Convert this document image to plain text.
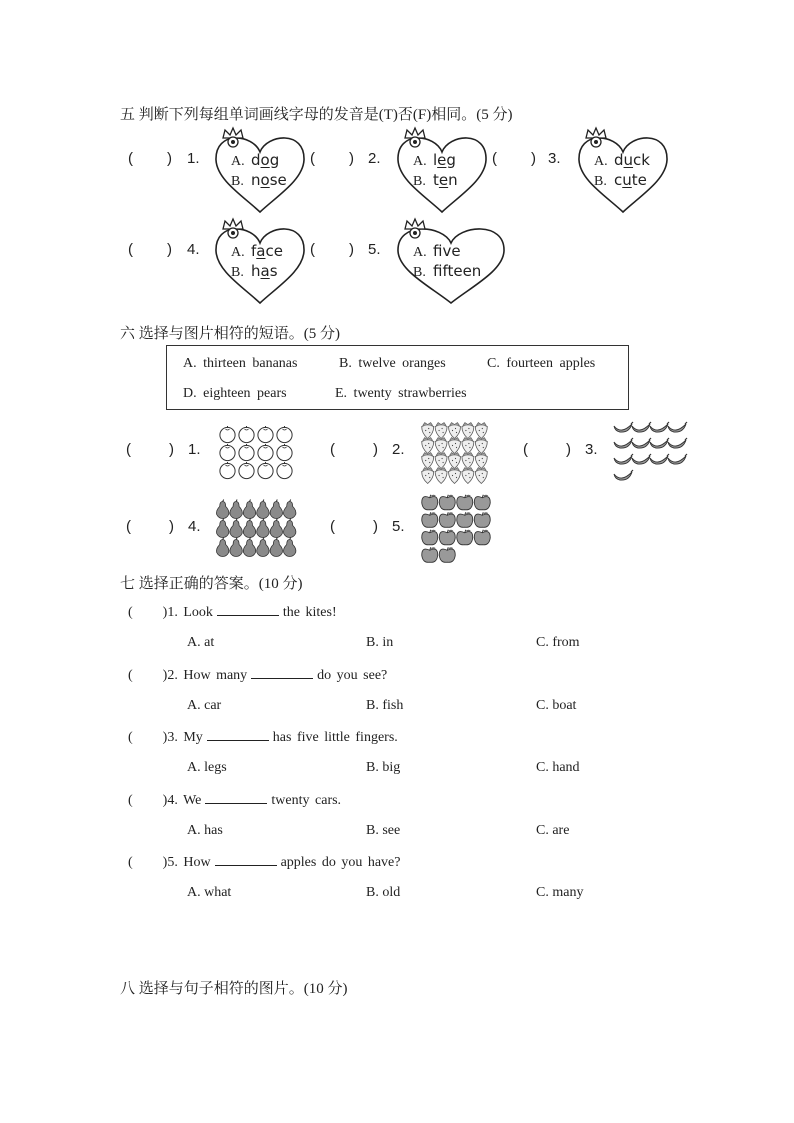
五 判断下列每组单词画线字母的发音是(T)否(F)相同。(5 分)
( ) 1.	( ) 2.	( ) 3.
( ) 4.	( ) 5.
A. dog
B. nose
A. leg
B. ten
A. duck
B. cute
A. face
B. has
A. fve
B. ffteen
六 选择与图片相符的短语。(5 分)
A. thirteen bananas	B. twelve oranges	C. fourteen apples
D. eighteen pears	E. twenty strawberries
(	) 1.	(	) 2.	(	) 3.
(	) 4.	(	) 5.
七 选择正确的答案。(10 分)
( )1. Look	the kites!
A. at	B. in	C. from
( )2. How many	do you see?
A. car	B. fish	C. boat
( )3. My	has five little fingers.
A. legs	B. big	C. hand
( )4. We	twenty cars.
A. has	B. see	C. are
( )5. How	apples do you have?
A. what	B. old	C. many
八 选择与句子相符的图片。(10 分)
